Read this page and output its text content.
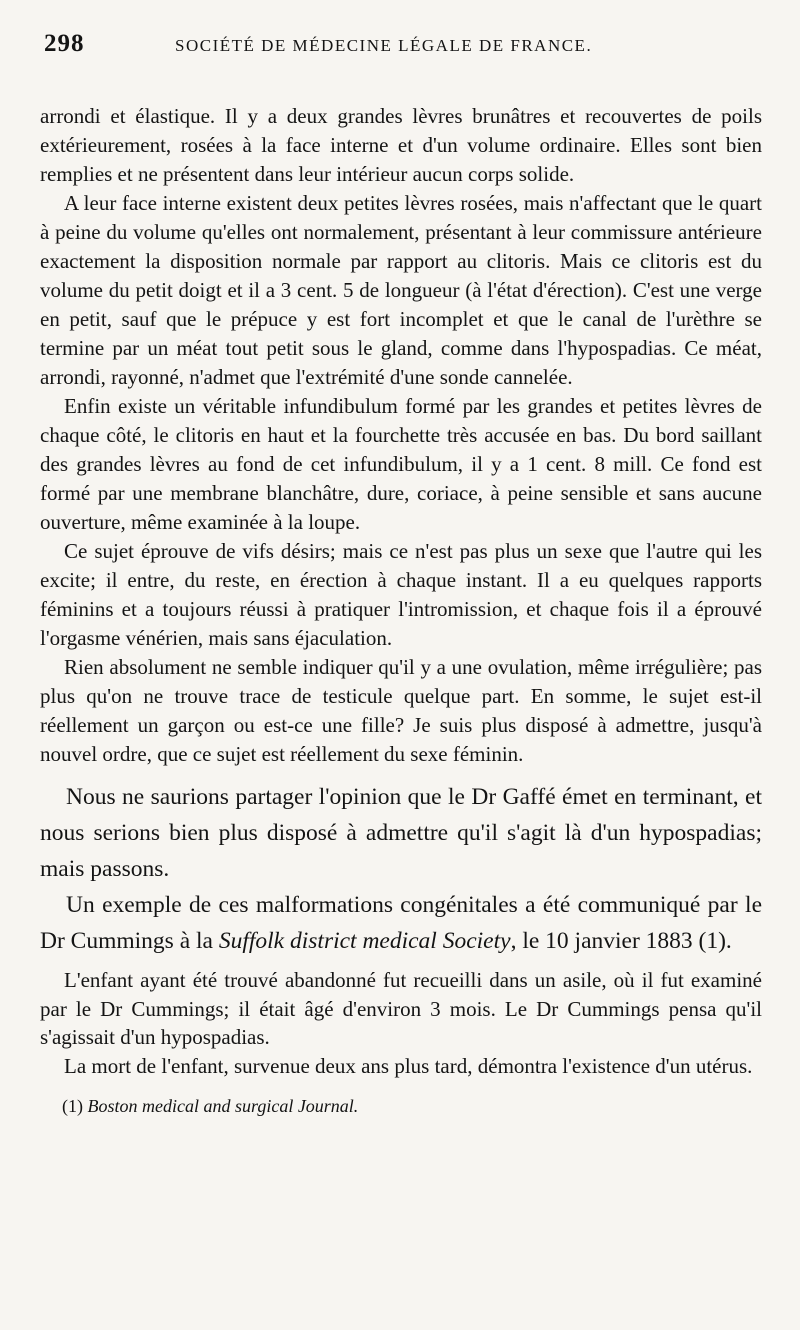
298	SOCIÉTÉ DE MÉDECINE LÉGALE DE FRANCE.

arrondi et élastique. Il y a deux grandes lèvres brunâtres et recouvertes de poils extérieurement, rosées à la face interne et d'un volume ordinaire. Elles sont bien remplies et ne présentent dans leur intérieur aucun corps solide.

A leur face interne existent deux petites lèvres rosées, mais n'affectant que le quart à peine du volume qu'elles ont normalement, présentant à leur commissure antérieure exactement la disposition normale par rapport au clitoris. Mais ce clitoris est du volume du petit doigt et il a 3 cent. 5 de longueur (à l'état d'érection). C'est une verge en petit, sauf que le prépuce y est fort incomplet et que le canal de l'urèthre se termine par un méat tout petit sous le gland, comme dans l'hypospadias. Ce méat, arrondi, rayonné, n'admet que l'extrémité d'une sonde cannelée.

Enfin existe un véritable infundibulum formé par les grandes et petites lèvres de chaque côté, le clitoris en haut et la fourchette très accusée en bas. Du bord saillant des grandes lèvres au fond de cet infundibulum, il y a 1 cent. 8 mill. Ce fond est formé par une membrane blanchâtre, dure, coriace, à peine sensible et sans aucune ouverture, même examinée à la loupe.

Ce sujet éprouve de vifs désirs; mais ce n'est pas plus un sexe que l'autre qui les excite; il entre, du reste, en érection à chaque instant. Il a eu quelques rapports féminins et a toujours réussi à pratiquer l'intromission, et chaque fois il a éprouvé l'orgasme vénérien, mais sans éjaculation.

Rien absolument ne semble indiquer qu'il y a une ovulation, même irrégulière; pas plus qu'on ne trouve trace de testicule quelque part. En somme, le sujet est-il réellement un garçon ou est-ce une fille? Je suis plus disposé à admettre, jusqu'à nouvel ordre, que ce sujet est réellement du sexe féminin.

Nous ne saurions partager l'opinion que le Dr Gaffé émet en terminant, et nous serions bien plus disposé à admettre qu'il s'agit là d'un hypospadias; mais passons.

Un exemple de ces malformations congénitales a été communiqué par le Dr Cummings à la Suffolk district medical Society, le 10 janvier 1883 (1).

L'enfant ayant été trouvé abandonné fut recueilli dans un asile, où il fut examiné par le Dr Cummings; il était âgé d'environ 3 mois. Le Dr Cummings pensa qu'il s'agissait d'un hypospadias.

La mort de l'enfant, survenue deux ans plus tard, démontra l'existence d'un utérus.

(1) Boston medical and surgical Journal.
